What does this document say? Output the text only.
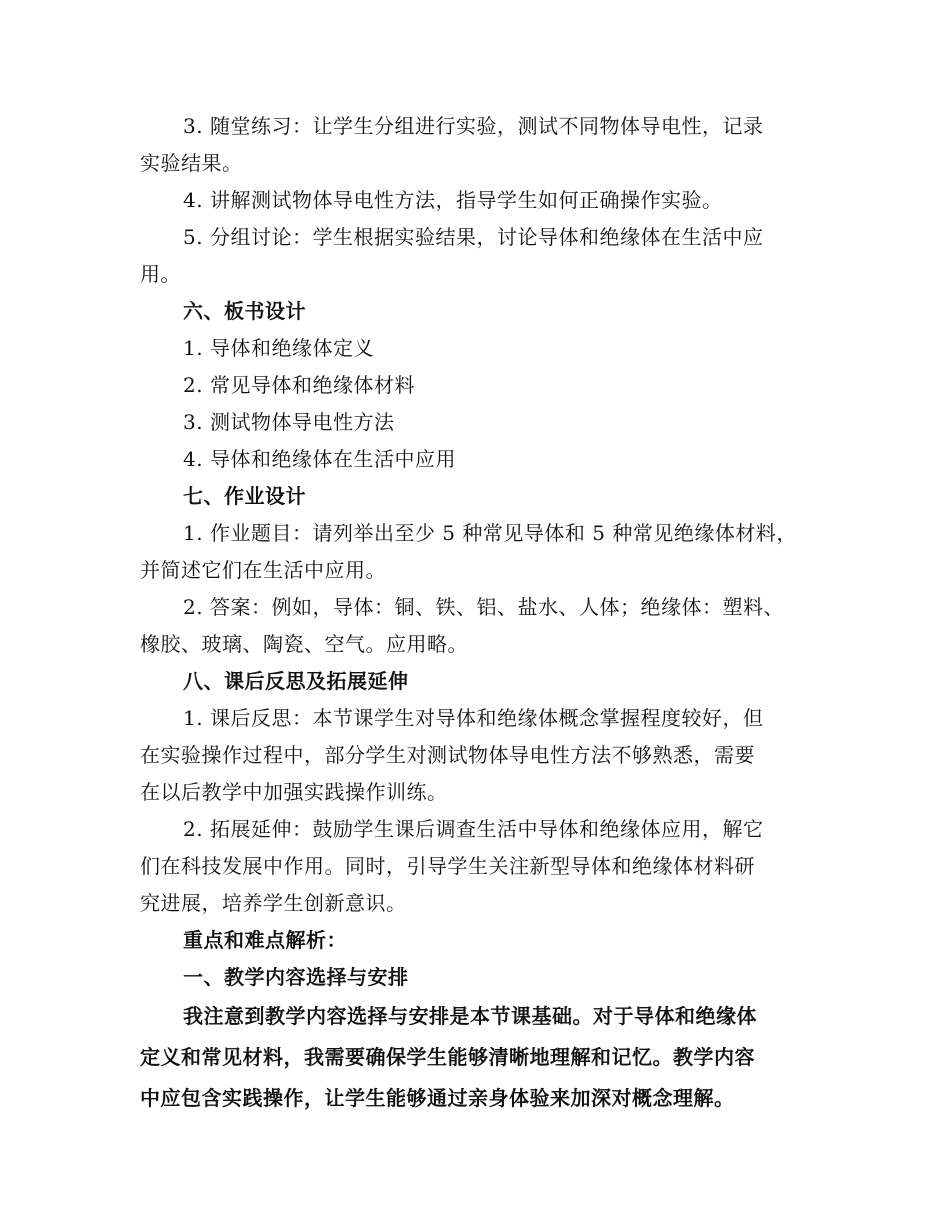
3. 随堂练习：让学生分组进行实验，测试不同物体导电性，记录
实验结果。
4. 讲解测试物体导电性方法，指导学生如何正确操作实验。
5. 分组讨论：学生根据实验结果，讨论导体和绝缘体在生活中应
用。
六、板书设计
1. 导体和绝缘体定义
2. 常见导体和绝缘体材料
3. 测试物体导电性方法
4. 导体和绝缘体在生活中应用
七、作业设计
1. 作业题目：请列举出至少 5 种常见导体和 5 种常见绝缘体材料，
并简述它们在生活中应用。
2. 答案：例如，导体：铜、铁、铝、盐水、人体；绝缘体：塑料、
橡胶、玻璃、陶瓷、空气。应用略。
八、课后反思及拓展延伸
1. 课后反思：本节课学生对导体和绝缘体概念掌握程度较好，但
在实验操作过程中，部分学生对测试物体导电性方法不够熟悉，需要
在以后教学中加强实践操作训练。
2. 拓展延伸：鼓励学生课后调查生活中导体和绝缘体应用，解它
们在科技发展中作用。同时，引导学生关注新型导体和绝缘体材料研
究进展，培养学生创新意识。
重点和难点解析：
一、教学内容选择与安排
我注意到教学内容选择与安排是本节课基础。对于导体和绝缘体
定义和常见材料，我需要确保学生能够清晰地理解和记忆。教学内容
中应包含实践操作，让学生能够通过亲身体验来加深对概念理解。
